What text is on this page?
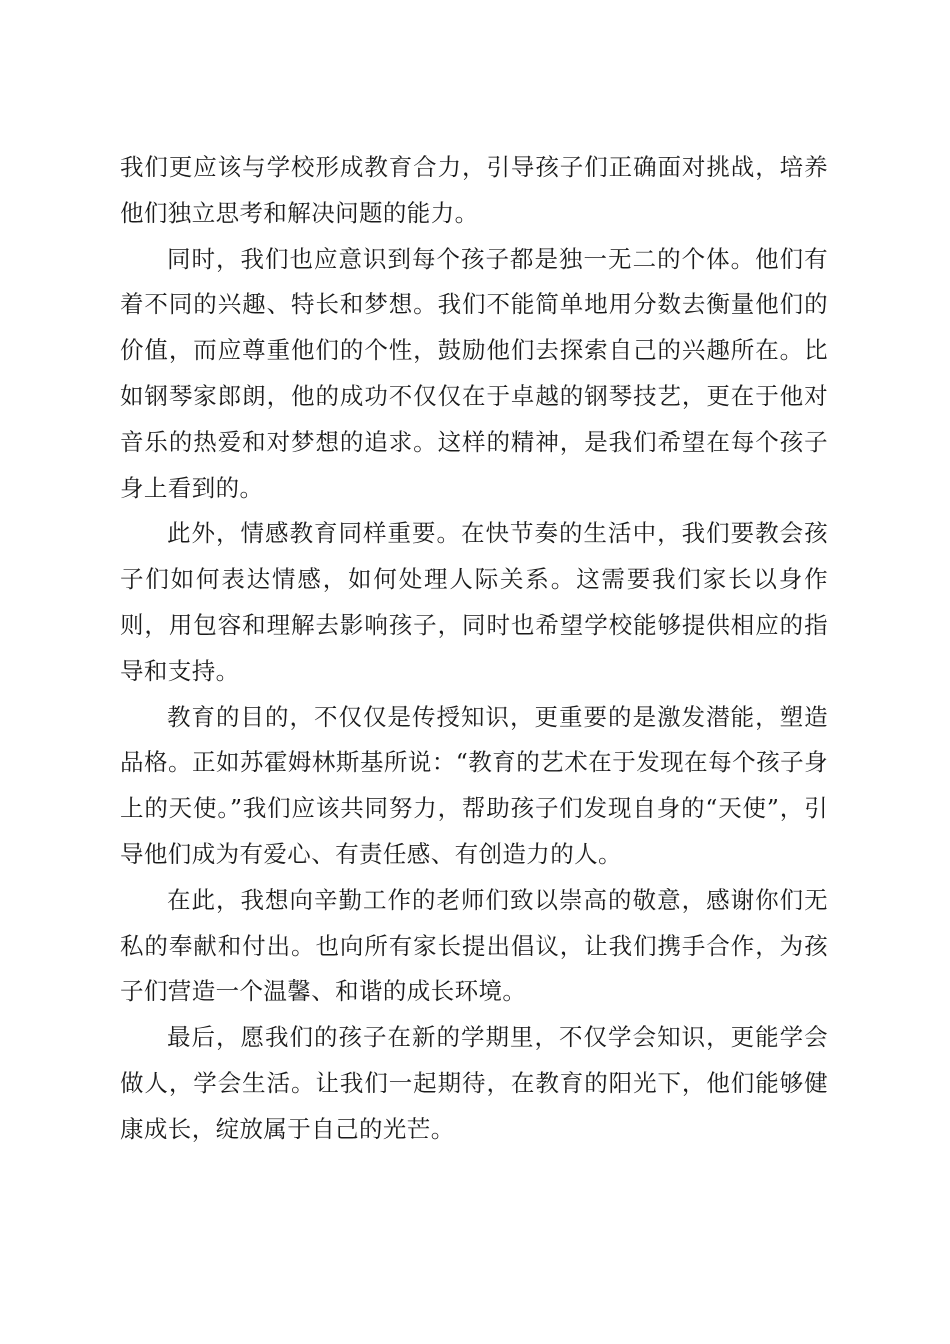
我们更应该与学校形成教育合力，引导孩子们正确面对挑战，培养他们独立思考和解决问题的能力。

同时，我们也应意识到每个孩子都是独一无二的个体。他们有着不同的兴趣、特长和梦想。我们不能简单地用分数去衡量他们的价值，而应尊重他们的个性，鼓励他们去探索自己的兴趣所在。比如钢琴家郎朗，他的成功不仅仅在于卓越的钢琴技艺，更在于他对音乐的热爱和对梦想的追求。这样的精神，是我们希望在每个孩子身上看到的。

此外，情感教育同样重要。在快节奏的生活中，我们要教会孩子们如何表达情感，如何处理人际关系。这需要我们家长以身作则，用包容和理解去影响孩子，同时也希望学校能够提供相应的指导和支持。

教育的目的，不仅仅是传授知识，更重要的是激发潜能，塑造品格。正如苏霍姆林斯基所说：“教育的艺术在于发现在每个孩子身上的天使。”我们应该共同努力，帮助孩子们发现自身的“天使”，引导他们成为有爱心、有责任感、有创造力的人。

在此，我想向辛勤工作的老师们致以崇高的敬意，感谢你们无私的奉献和付出。也向所有家长提出倡议，让我们携手合作，为孩子们营造一个温馨、和谐的成长环境。

最后，愿我们的孩子在新的学期里，不仅学会知识，更能学会做人，学会生活。让我们一起期待，在教育的阳光下，他们能够健康成长，绽放属于自己的光芒。
